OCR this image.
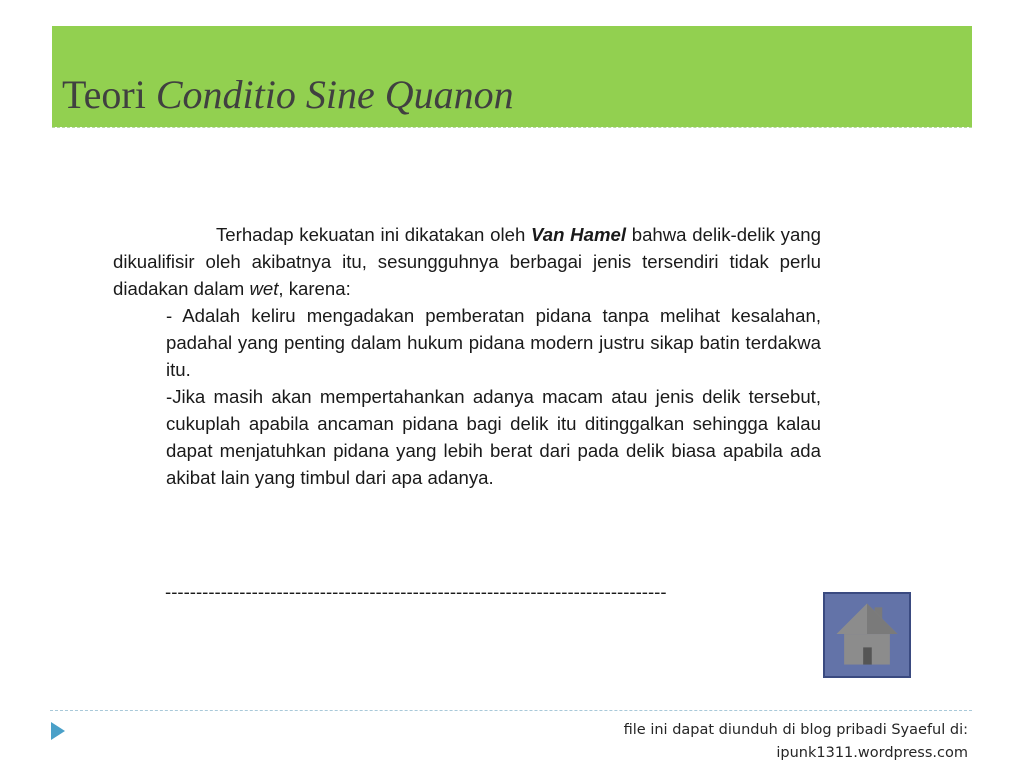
Teori Conditio Sine Quanon

Terhadap kekuatan ini dikatakan oleh Van Hamel bahwa delik-delik yang dikualifisir oleh akibatnya itu, sesungguhnya berbagai jenis tersendiri tidak perlu diadakan dalam wet, karena:

- Adalah keliru mengadakan pemberatan pidana tanpa melihat kesalahan, padahal yang penting dalam hukum pidana modern justru sikap batin terdakwa itu.

-Jika masih akan mempertahankan adanya macam atau jenis delik tersebut, cukuplah apabila ancaman pidana bagi delik itu ditinggalkan sehingga kalau dapat menjatuhkan pidana yang lebih berat dari pada delik biasa apabila ada akibat lain yang timbul dari apa adanya.

---------------------------------------------------------------------------------
file ini dapat diunduh di blog pribadi Syaeful di:
ipunk1311.wordpress.com
